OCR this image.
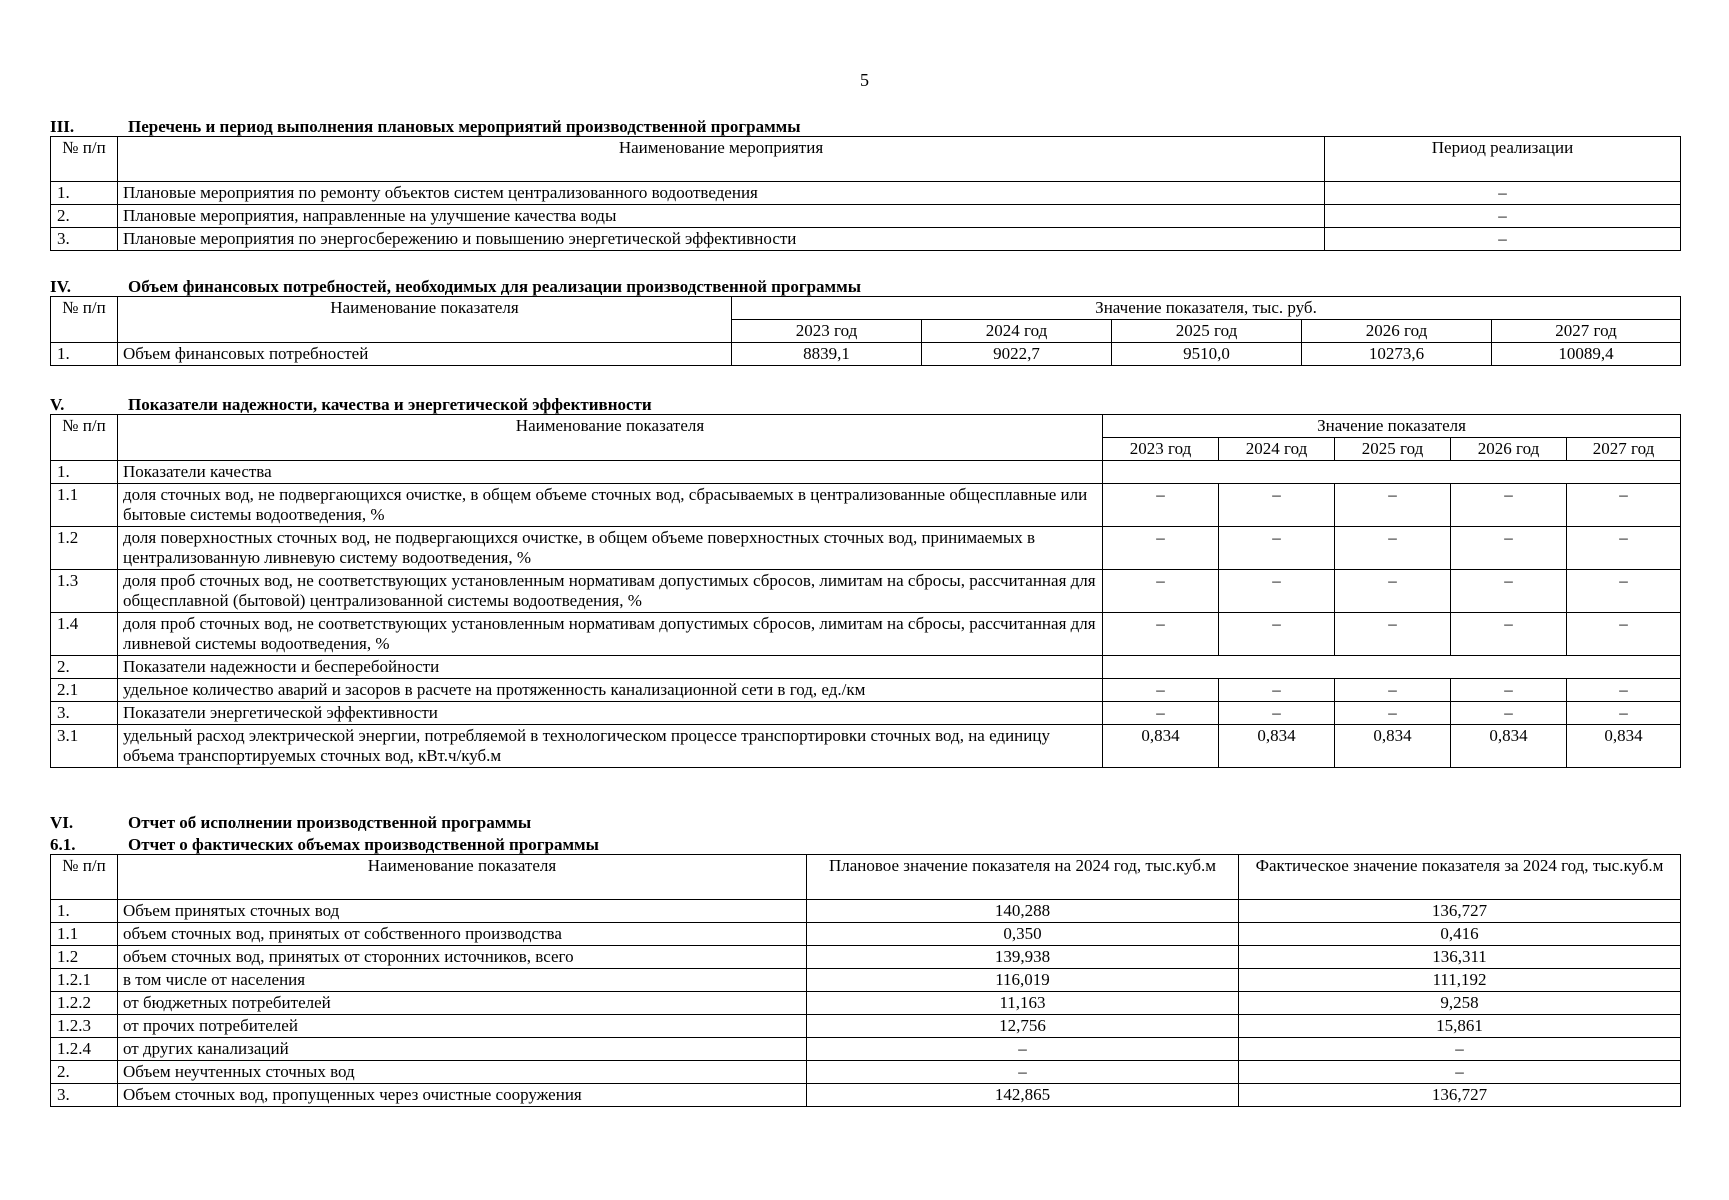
5
III.	Перечень и период выполнения плановых мероприятий производственной программы
№ п/п	Наименование мероприятия	Период реализации
1.	Плановые мероприятия по ремонту объектов систем централизованного водоотведения	–
2.	Плановые мероприятия, направленные на улучшение качества воды	–
3.	Плановые мероприятия по энергосбережению и повышению энергетической эффективности	–
IV.	Объем финансовых потребностей, необходимых для реализации производственной программы
№ п/п	Наименование показателя	Значение показателя, тыс. руб.				
		2023 год	2024 год	2025 год	2026 год	2027 год
1.	Объем финансовых потребностей	8839,1	9022,7	9510,0	10273,6	10089,4
V.	Показатели надежности, качества и энергетической эффективности
№ п/п	Наименование показателя	Значение показателя				
		2023 год	2024 год	2025 год	2026 год	2027 год
1.	Показатели качества					
1.1	доля сточных вод, не подвергающихся очистке, в общем объеме сточных вод, сбрасываемых в централизованные общесплавные или бытовые системы водоотведения, %	–	–	–	–	–
1.2	доля поверхностных сточных вод, не подвергающихся очистке, в общем объеме поверхностных сточных вод, принимаемых в централизованную ливневую систему водоотведения, %	–	–	–	–	–
1.3	доля проб сточных вод, не соответствующих установленным нормативам допустимых сбросов, лимитам на сбросы, рассчитанная для общесплавной (бытовой) централизованной системы водоотведения, %	–	–	–	–	–
1.4	доля проб сточных вод, не соответствующих установленным нормативам допустимых сбросов, лимитам на сбросы, рассчитанная для ливневой системы водоотведения, %	–	–	–	–	–
2.	Показатели надежности и бесперебойности					
2.1	удельное количество аварий и засоров в расчете на протяженность канализационной сети в год, ед./км	–	–	–	–	–
3.	Показатели энергетической эффективности	–	–	–	–	–
3.1	удельный расход электрической энергии, потребляемой в технологическом процессе транспортировки сточных вод, на единицу объема транспортируемых сточных вод, кВт.ч/куб.м	0,834	0,834	0,834	0,834	0,834
VI.	Отчет об исполнении производственной программы
6.1.	Отчет о фактических объемах производственной программы
№ п/п	Наименование показателя	Плановое значение показателя на 2024 год, тыс.куб.м	Фактическое значение показателя за 2024 год, тыс.куб.м
1.	Объем принятых сточных вод	140,288	136,727
1.1	объем сточных вод, принятых от собственного производства	0,350	0,416
1.2	объем сточных вод, принятых от сторонних источников, всего	139,938	136,311
1.2.1	в том числе от населения	116,019	111,192
1.2.2	от бюджетных потребителей	11,163	9,258
1.2.3	от прочих потребителей	12,756	15,861
1.2.4	от других канализаций	–	–
2.	Объем неучтенных сточных вод	–	–
3.	Объем сточных вод, пропущенных через очистные сооружения	142,865	136,727
